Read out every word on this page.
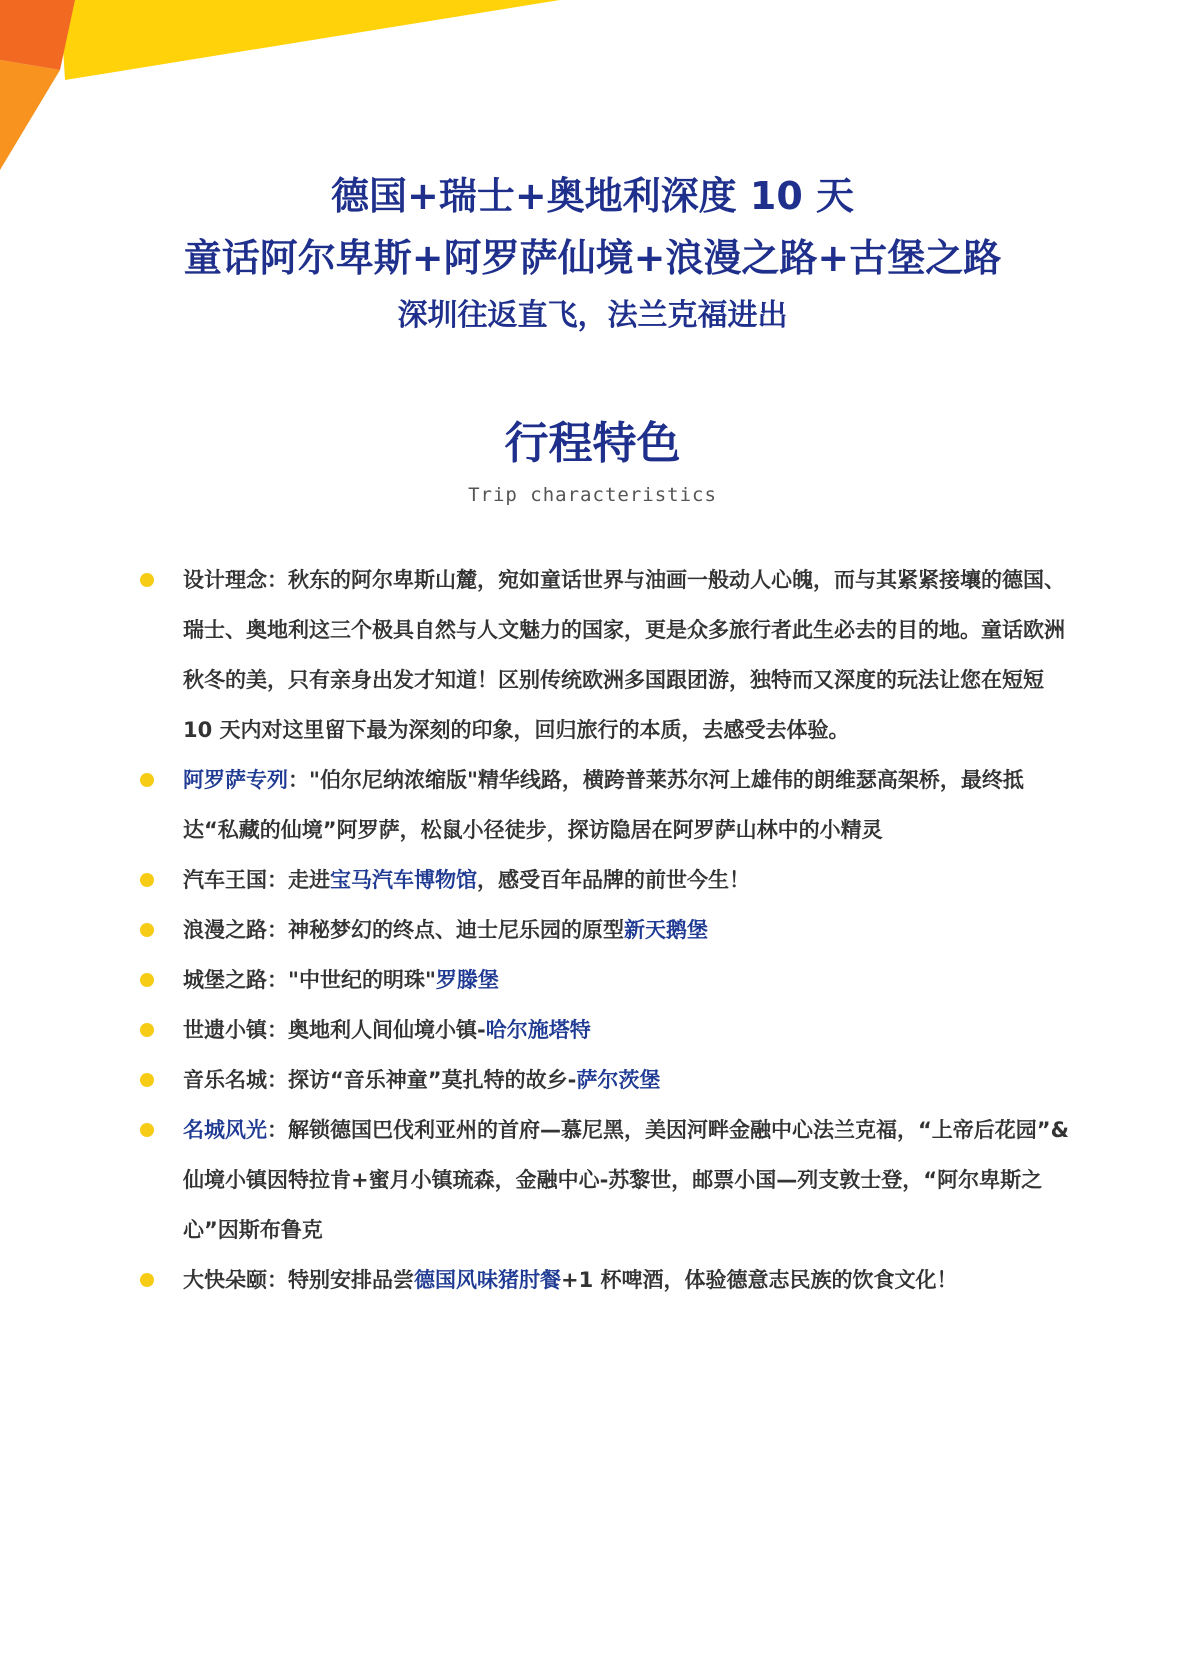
德国+瑞士+奥地利深度 10 天
童话阿尔卑斯+阿罗萨仙境+浪漫之路+古堡之路
深圳往返直飞，法兰克福进出
行程特色
Trip characteristics
设计理念：秋东的阿尔卑斯山麓，宛如童话世界与油画一般动人心魄，而与其紧紧接壤的德国、瑞士、奥地利这三个极具自然与人文魅力的国家，更是众多旅行者此生必去的目的地。童话欧洲秋冬的美，只有亲身出发才知道！区别传统欧洲多国跟团游，独特而又深度的玩法让您在短短 10 天内对这里留下最为深刻的印象，回归旅行的本质，去感受去体验。
阿罗萨专列："伯尔尼纳浓缩版"精华线路，横跨普莱苏尔河上雄伟的朗维瑟高架桥，最终抵达“私藏的仙境”阿罗萨，松鼠小径徒步，探访隐居在阿罗萨山林中的小精灵
汽车王国：走进宝马汽车博物馆，感受百年品牌的前世今生！
浪漫之路：神秘梦幻的终点、迪士尼乐园的原型新天鹅堡
城堡之路："中世纪的明珠"罗滕堡
世遗小镇：奥地利人间仙境小镇-哈尔施塔特
音乐名城：探访“音乐神童”莫扎特的故乡-萨尔茨堡
名城风光：解锁德国巴伐利亚州的首府—慕尼黑，美因河畔金融中心法兰克福，“上帝后花园”&仙境小镇因特拉肯+蜜月小镇琉森，金融中心-苏黎世，邮票小国—列支敦士登，“阿尔卑斯之心”因斯布鲁克
大快朵颐：特别安排品尝德国风味猪肘餐+1 杯啤酒，体验德意志民族的饮食文化！
